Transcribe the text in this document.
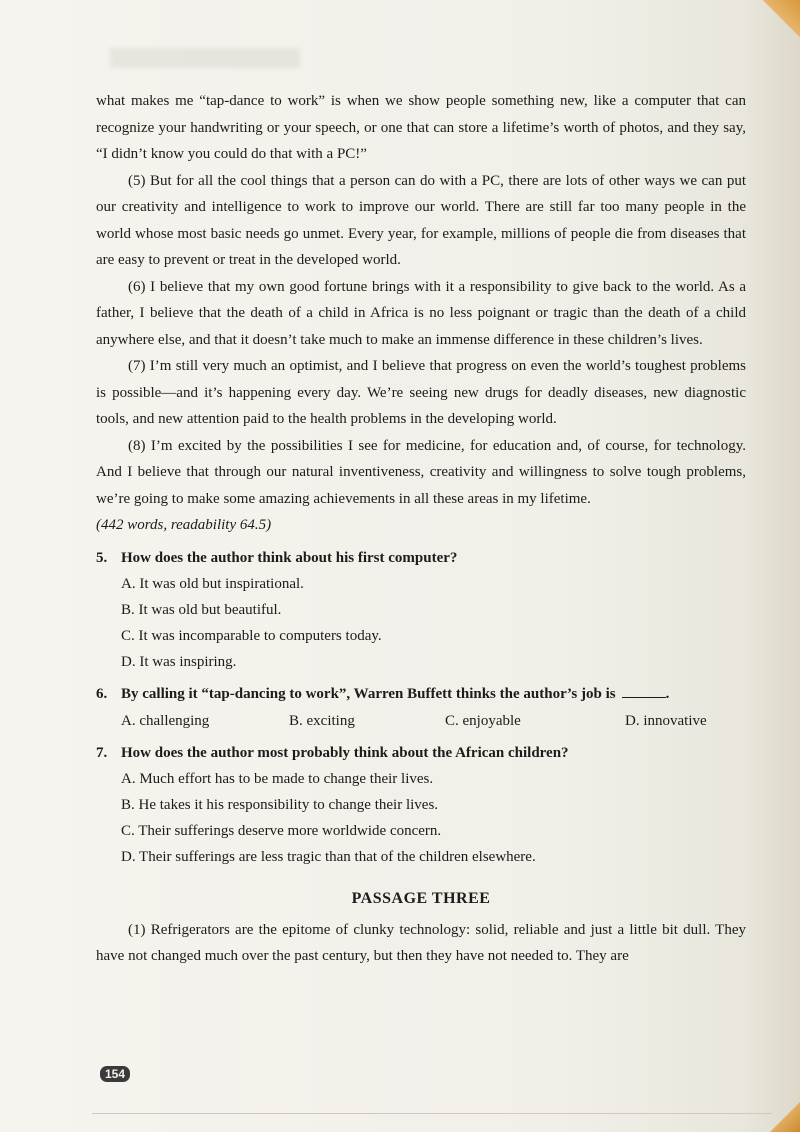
what makes me “tap-dance to work” is when we show people something new, like a computer that can recognize your handwriting or your speech, or one that can store a lifetime’s worth of photos, and they say, “I didn’t know you could do that with a PC!”

(5) But for all the cool things that a person can do with a PC, there are lots of other ways we can put our creativity and intelligence to work to improve our world. There are still far too many people in the world whose most basic needs go unmet. Every year, for example, millions of people die from diseases that are easy to prevent or treat in the developed world.

(6) I believe that my own good fortune brings with it a responsibility to give back to the world. As a father, I believe that the death of a child in Africa is no less poignant or tragic than the death of a child anywhere else, and that it doesn’t take much to make an immense difference in these children’s lives.

(7) I’m still very much an optimist, and I believe that progress on even the world’s toughest problems is possible—and it’s happening every day. We’re seeing new drugs for deadly diseases, new diagnostic tools, and new attention paid to the health problems in the developing world.

(8) I’m excited by the possibilities I see for medicine, for education and, of course, for technology. And I believe that through our natural inventiveness, creativity and willingness to solve tough problems, we’re going to make some amazing achievements in all these areas in my lifetime.

(442 words, readability 64.5)

5. How does the author think about his first computer?
A. It was old but inspirational.
B. It was old but beautiful.
C. It was incomparable to computers today.
D. It was inspiring.
6. By calling it “tap-dancing to work”, Warren Buffett thinks the author’s job is	.
A. challenging	B. exciting	C. enjoyable	D. innovative
7. How does the author most probably think about the African children?
A. Much effort has to be made to change their lives.
B. He takes it his responsibility to change their lives.
C. Their sufferings deserve more worldwide concern.
D. Their sufferings are less tragic than that of the children elsewhere.
PASSAGE THREE

(1) Refrigerators are the epitome of clunky technology: solid, reliable and just a little bit dull. They have not changed much over the past century, but then they have not needed to. They are

154
